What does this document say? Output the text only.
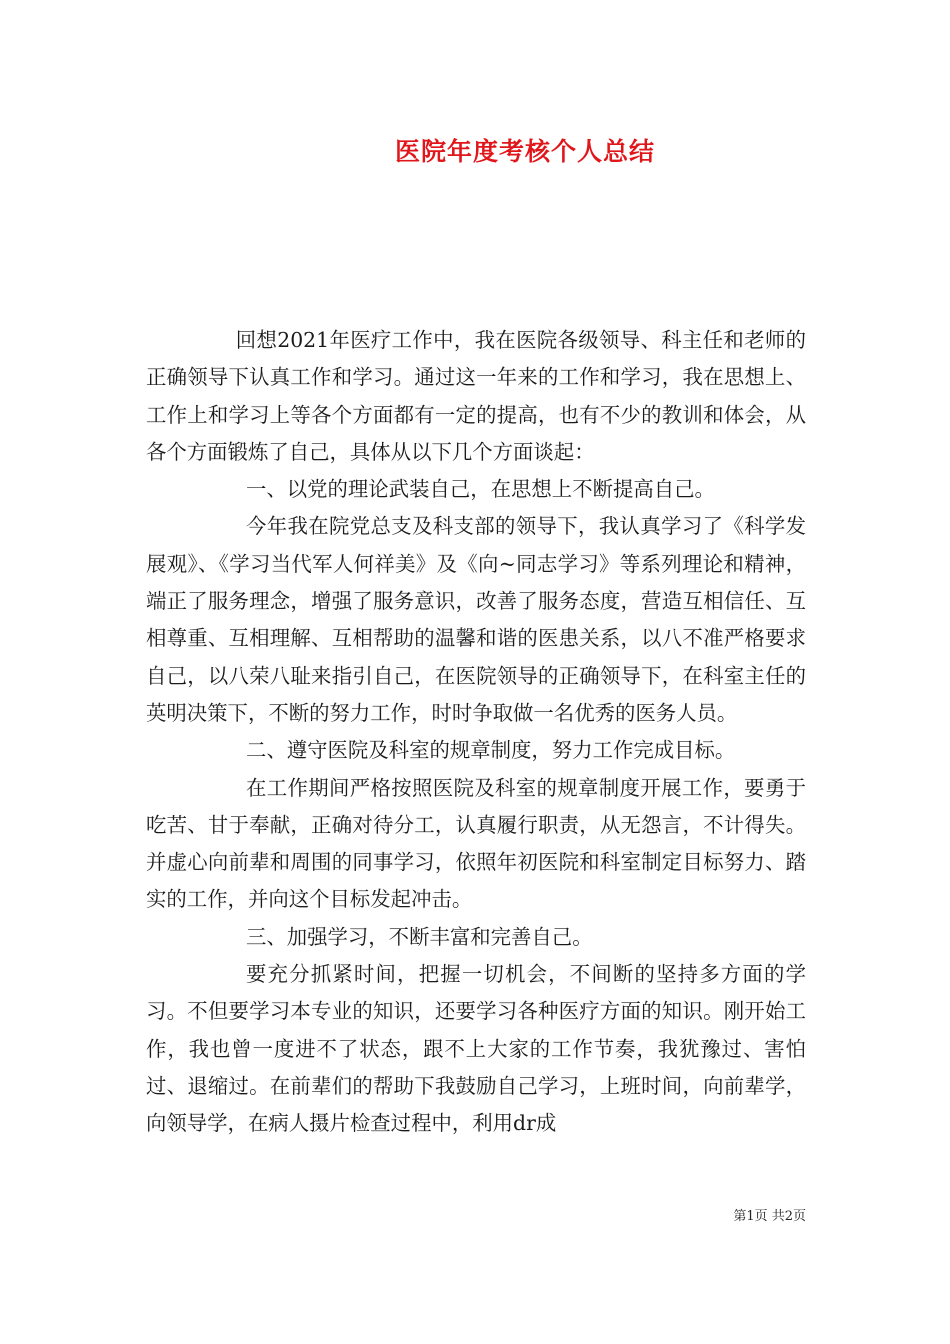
医院年度考核个人总结

回想2021年医疗工作中，我在医院各级领导、科主任和老师的正确领导下认真工作和学习。通过这一年来的工作和学习，我在思想上、工作上和学习上等各个方面都有一定的提高，也有不少的教训和体会，从各个方面锻炼了自己，具体从以下几个方面谈起：

一、以党的理论武装自己，在思想上不断提高自己。

今年我在院党总支及科支部的领导下，我认真学习了《科学发展观》、《学习当代军人何祥美》及《向~同志学习》等系列理论和精神，端正了服务理念，增强了服务意识，改善了服务态度，营造互相信任、互相尊重、互相理解、互相帮助的温馨和谐的医患关系，以八不准严格要求自己，以八荣八耻来指引自己，在医院领导的正确领导下，在科室主任的英明决策下，不断的努力工作，时时争取做一名优秀的医务人员。

二、遵守医院及科室的规章制度，努力工作完成目标。

在工作期间严格按照医院及科室的规章制度开展工作，要勇于吃苦、甘于奉献，正确对待分工，认真履行职责，从无怨言，不计得失。并虚心向前辈和周围的同事学习，依照年初医院和科室制定目标努力、踏实的工作，并向这个目标发起冲击。

三、加强学习，不断丰富和完善自己。

要充分抓紧时间，把握一切机会，不间断的坚持多方面的学习。不但要学习本专业的知识，还要学习各种医疗方面的知识。刚开始工作，我也曾一度进不了状态，跟不上大家的工作节奏，我犹豫过、害怕过、退缩过。在前辈们的帮助下我鼓励自己学习，上班时间，向前辈学，向领导学，在病人摄片检查过程中，利用dr成

第1页 共2页
